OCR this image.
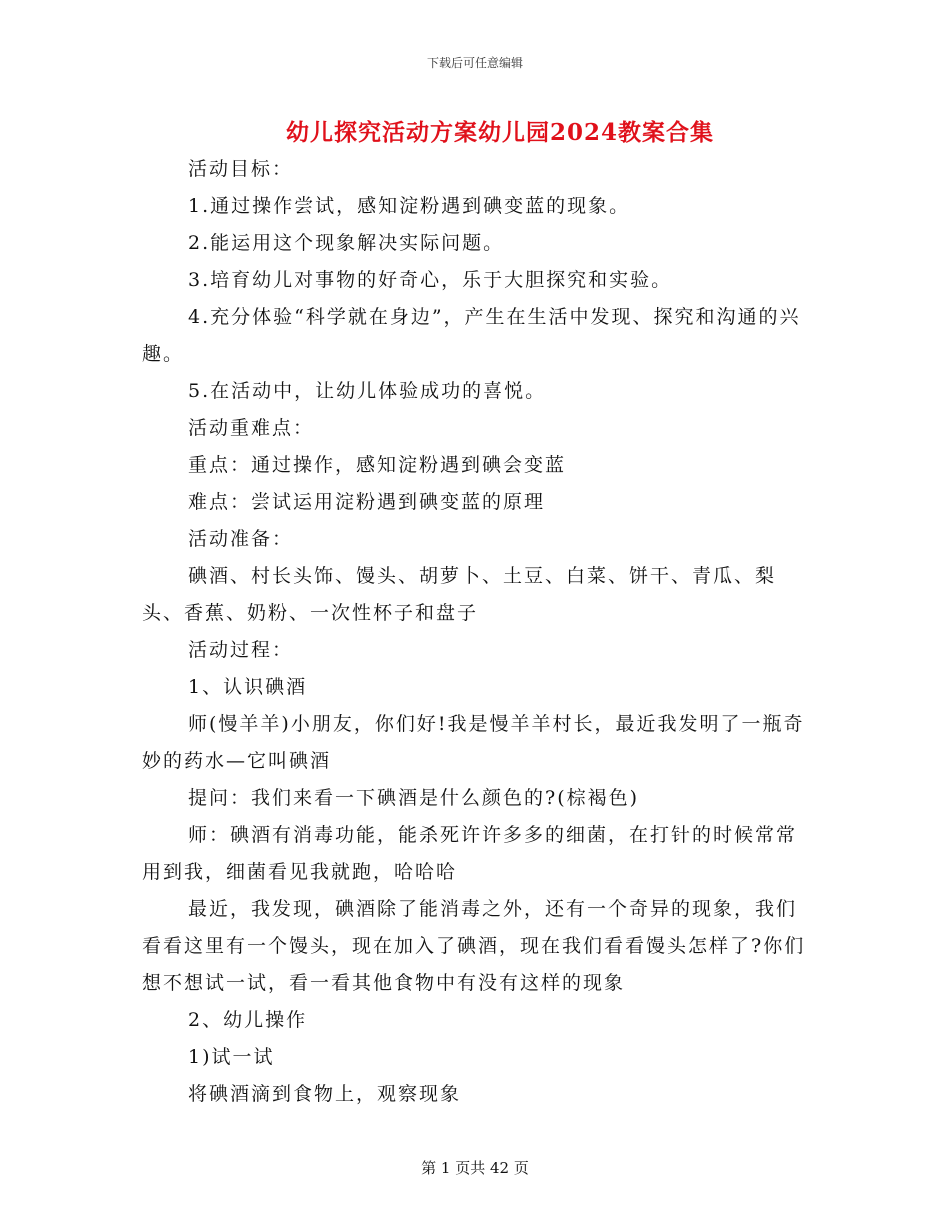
下载后可任意编辑
幼儿探究活动方案幼儿园2024教案合集

活动目标：

1.通过操作尝试，感知淀粉遇到碘变蓝的现象。

2.能运用这个现象解决实际问题。

3.培育幼儿对事物的好奇心，乐于大胆探究和实验。

4.充分体验“科学就在身边”，产生在生活中发现、探究和沟通的兴趣。

5.在活动中，让幼儿体验成功的喜悦。

活动重难点：

重点：通过操作，感知淀粉遇到碘会变蓝

难点：尝试运用淀粉遇到碘变蓝的原理

活动准备：

碘酒、村长头饰、馒头、胡萝卜、土豆、白菜、饼干、青瓜、梨头、香蕉、奶粉、一次性杯子和盘子

活动过程：

1、认识碘酒

师(慢羊羊)小朋友，你们好!我是慢羊羊村长，最近我发明了一瓶奇妙的药水—它叫碘酒

提问：我们来看一下碘酒是什么颜色的?(棕褐色)

师：碘酒有消毒功能，能杀死许许多多的细菌，在打针的时候常常用到我，细菌看见我就跑，哈哈哈

最近，我发现，碘酒除了能消毒之外，还有一个奇异的现象，我们看看这里有一个馒头，现在加入了碘酒，现在我们看看馒头怎样了?你们想不想试一试，看一看其他食物中有没有这样的现象

2、幼儿操作

1)试一试

将碘酒滴到食物上，观察现象

第 1 页共 42 页
